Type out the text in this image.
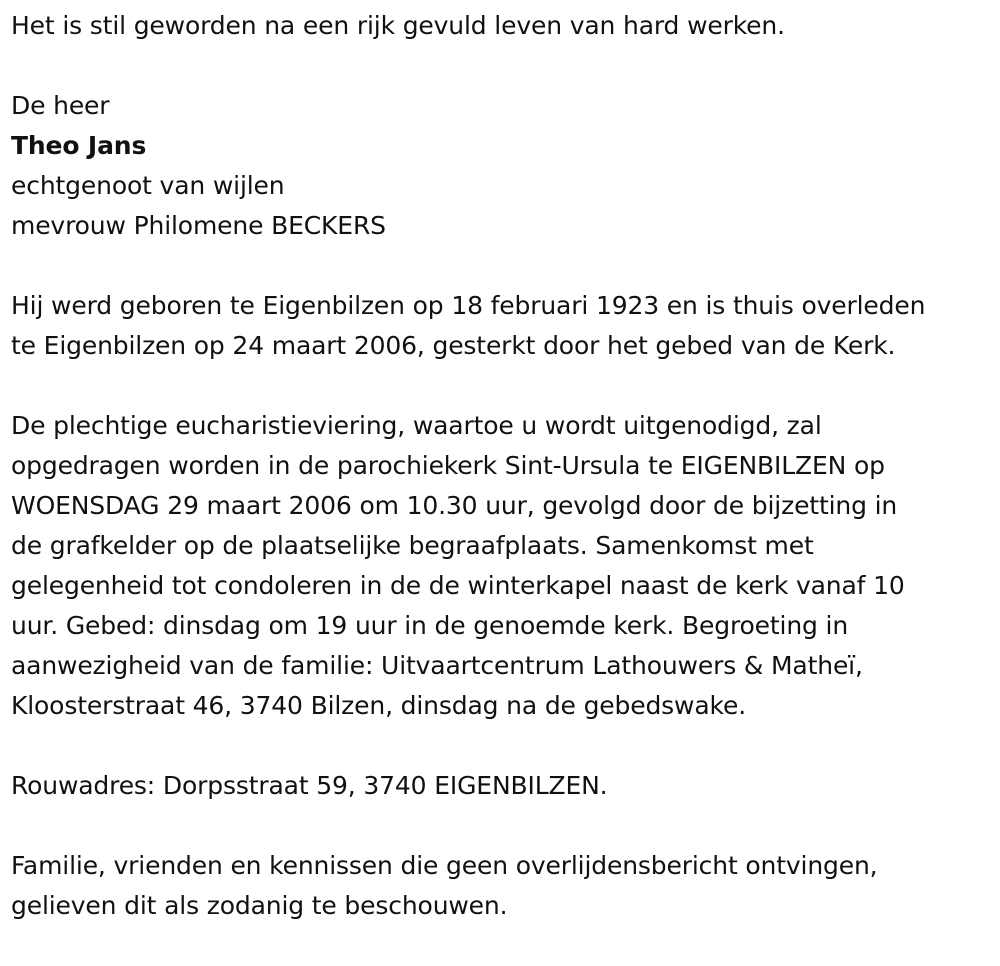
Het is stil geworden na een rijk gevuld leven van hard werken.
De heer
Theo Jans
echtgenoot van wijlen
mevrouw Philomene BECKERS
Hij werd geboren te Eigenbilzen op 18 februari 1923 en is thuis overleden
te Eigenbilzen op 24 maart 2006, gesterkt door het gebed van de Kerk.
De plechtige eucharistieviering, waartoe u wordt uitgenodigd, zal
opgedragen worden in de parochiekerk Sint-Ursula te EIGENBILZEN op
WOENSDAG 29 maart 2006 om 10.30 uur, gevolgd door de bijzetting in
de grafkelder op de plaatselijke begraafplaats. Samenkomst met
gelegenheid tot condoleren in de de winterkapel naast de kerk vanaf 10
uur. Gebed: dinsdag om 19 uur in de genoemde kerk. Begroeting in
aanwezigheid van de familie: Uitvaartcentrum Lathouwers & Matheï,
Kloosterstraat 46, 3740 Bilzen, dinsdag na de gebedswake.
Rouwadres: Dorpsstraat 59, 3740 EIGENBILZEN.
Familie, vrienden en kennissen die geen overlijdensbericht ontvingen,
gelieven dit als zodanig te beschouwen.
